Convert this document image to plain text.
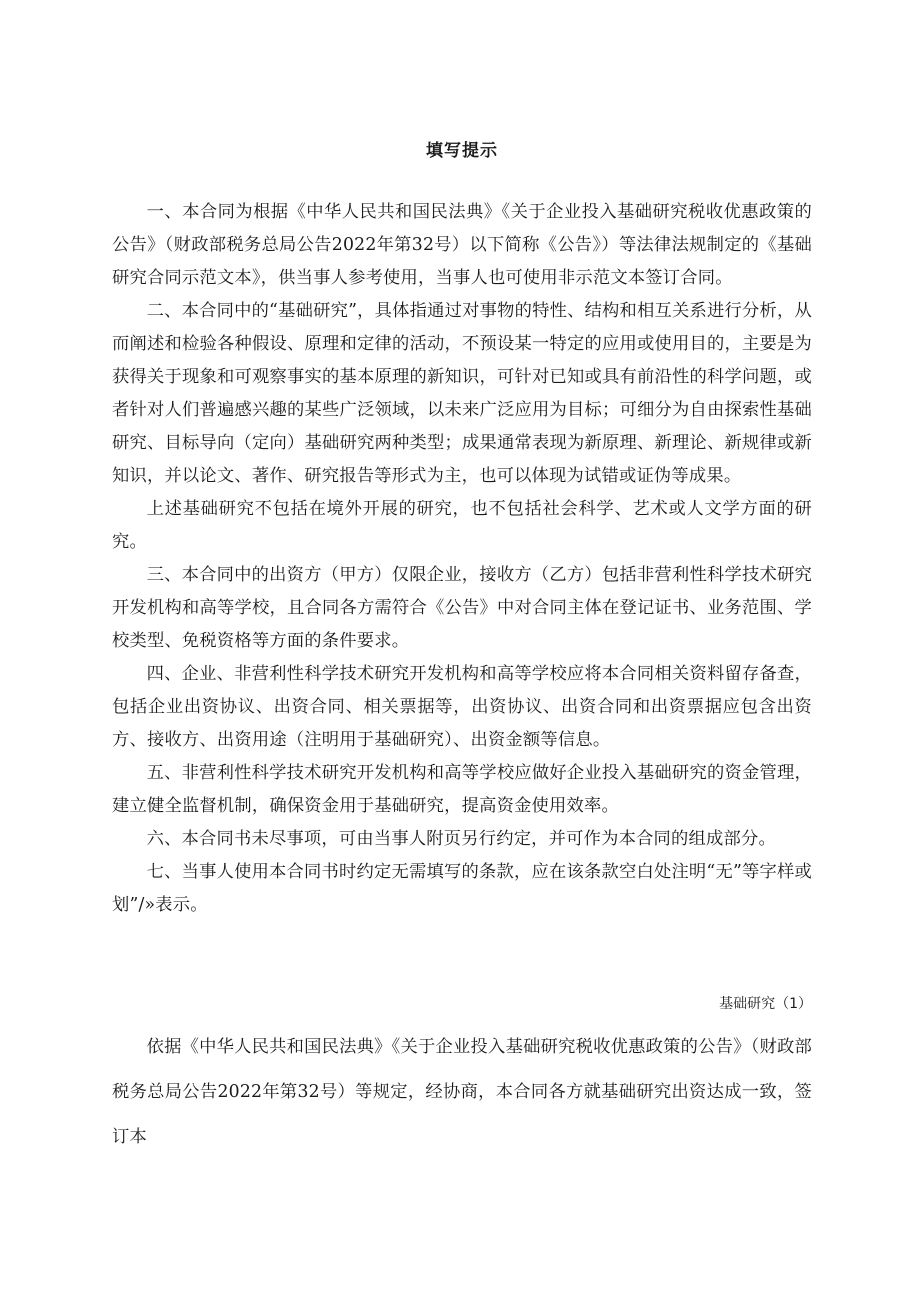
填写提示

一、本合同为根据《中华人民共和国民法典》《关于企业投入基础研究税收优惠政策的公告》（财政部税务总局公告2022年第32号）以下简称《公告》）等法律法规制定的《基础研究合同示范文本》，供当事人参考使用，当事人也可使用非示范文本签订合同。

二、本合同中的“基础研究”，具体指通过对事物的特性、结构和相互关系进行分析，从而阐述和检验各种假设、原理和定律的活动，不预设某一特定的应用或使用目的，主要是为获得关于现象和可观察事实的基本原理的新知识，可针对已知或具有前沿性的科学问题，或者针对人们普遍感兴趣的某些广泛领域，以未来广泛应用为目标；可细分为自由探索性基础研究、目标导向（定向）基础研究两种类型；成果通常表现为新原理、新理论、新规律或新知识，并以论文、著作、研究报告等形式为主，也可以体现为试错或证伪等成果。

上述基础研究不包括在境外开展的研究，也不包括社会科学、艺术或人文学方面的研究。

三、本合同中的出资方（甲方）仅限企业，接收方（乙方）包括非营利性科学技术研究开发机构和高等学校，且合同各方需符合《公告》中对合同主体在登记证书、业务范围、学校类型、免税资格等方面的条件要求。

四、企业、非营利性科学技术研究开发机构和高等学校应将本合同相关资料留存备查，包括企业出资协议、出资合同、相关票据等，出资协议、出资合同和出资票据应包含出资方、接收方、出资用途（注明用于基础研究）、出资金额等信息。

五、非营利性科学技术研究开发机构和高等学校应做好企业投入基础研究的资金管理，建立健全监督机制，确保资金用于基础研究，提高资金使用效率。

六、本合同书未尽事项，可由当事人附页另行约定，并可作为本合同的组成部分。

七、当事人使用本合同书时约定无需填写的条款，应在该条款空白处注明“无”等字样或划”/»表示。

基础研究（1）

依据《中华人民共和国民法典》《关于企业投入基础研究税收优惠政策的公告》（财政部税务总局公告2022年第32号）等规定，经协商，本合同各方就基础研究出资达成一致，签订本
